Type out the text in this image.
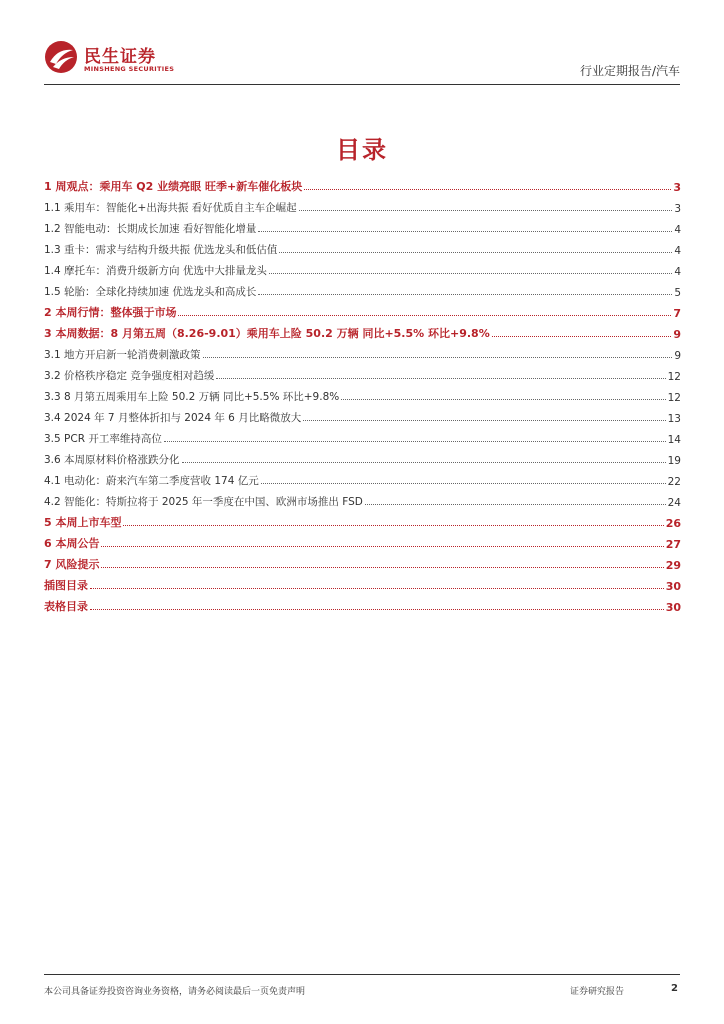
民生证券
MINSHENG SECURITIES	行业定期报告/汽车
目录
1 周观点：乘用车 Q2 业绩亮眼 旺季+新车催化板块	3
1.1 乘用车：智能化+出海共振 看好优质自主车企崛起	3
1.2 智能电动：长期成长加速 看好智能化增量	4
1.3 重卡：需求与结构升级共振 优选龙头和低估值	4
1.4 摩托车：消费升级新方向 优选中大排量龙头	4
1.5 轮胎：全球化持续加速 优选龙头和高成长	5
2 本周行情：整体强于市场	7
3 本周数据：8 月第五周（8.26-9.01）乘用车上险 50.2 万辆 同比+5.5% 环比+9.8%	9
3.1 地方开启新一轮消费刺激政策	9
3.2 价格秩序稳定 竞争强度相对趋缓	12
3.3 8 月第五周乘用车上险 50.2 万辆 同比+5.5% 环比+9.8%	12
3.4 2024 年 7 月整体折扣与 2024 年 6 月比略微放大	13
3.5 PCR 开工率维持高位	14
3.6 本周原材料价格涨跌分化	19
4.1 电动化：蔚来汽车第二季度营收 174 亿元	22
4.2 智能化：特斯拉将于 2025 年一季度在中国、欧洲市场推出 FSD	24
5 本周上市车型	26
6 本周公告	27
7 风险提示	29
插图目录	30
表格目录	30
本公司具备证券投资咨询业务资格，请务必阅读最后一页免责声明	证券研究报告	2
